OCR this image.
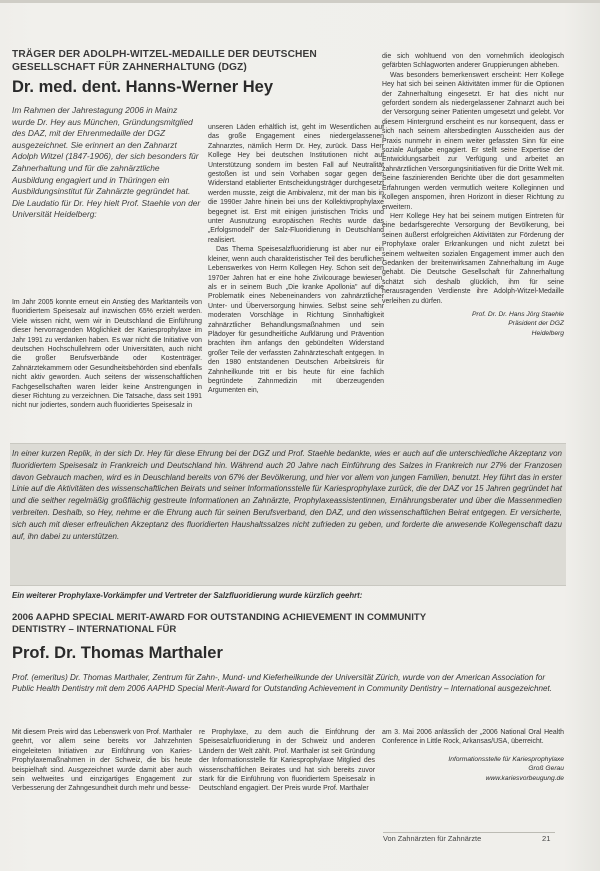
TRÄGER DER ADOLPH-WITZEL-MEDAILLE DER DEUTSCHEN GESELLSCHAFT FÜR ZAHNERHALTUNG (DGZ)
Dr. med. dent. Hanns-Werner Hey
Im Rahmen der Jahrestagung 2006 in Mainz wurde Dr. Hey aus München, Gründungsmitglied des DAZ, mit der Ehrenmedaille der DGZ ausgezeichnet. Sie erinnert an den Zahnarzt Adolph Witzel (1847-1906), der sich besonders für Zahnerhaltung und für die zahnärztliche Ausbildung engagiert und in Thüringen ein Ausbildungsinstitut für Zahnärzte gegründet hat. Die Laudatio für Dr. Hey hielt Prof. Staehle von der Universität Heidelberg:

Im Jahr 2005 konnte erneut ein Anstieg des Marktanteils von fluoridiertem Speisesalz auf inzwischen 65% erzielt werden. Viele wissen nicht, wem wir in Deutschland die Einführung dieser hervorragenden Möglichkeit der Kariesprophylaxe im Jahr 1991 zu verdanken haben. Es war nicht die Initiative von deutschen Hochschullehrern oder Universitäten, auch nicht die großer Berufsverbände oder Kostenträger. Zahnärztekammern oder Gesundheitsbehörden sind ebenfalls nicht aktiv geworden. Auch seitens der wissenschaftlichen Fachgesellschaften waren leider keine Anstrengungen in dieser Richtung zu verzeichnen. Die Tatsache, dass seit 1991 nicht nur jodiertes, sondern auch fluoridiertes Speisesalz in

unseren Läden erhältlich ist, geht im Wesentlichen auf das große Engagement eines niedergelassenen Zahnarztes, nämlich Herrn Dr. Hey, zurück. Dass Herr Kollege Hey bei deutschen Institutionen nicht auf Unterstützung sondern im besten Fall auf Neutralität gestoßen ist und sein Vorhaben sogar gegen den Widerstand etablierter Entscheidungsträger durchgesetzt werden musste, zeigt die Ambivalenz, mit der man bis in die 1990er Jahre hinein bei uns der Kollektivprophylaxe begegnet ist. Erst mit einigen juristischen Tricks und unter Ausnutzung europäischen Rechts wurde das „Erfolgsmodell" der Salz-Fluoridierung in Deutschland realisiert.

Das Thema Speisesalzfluoridierung ist aber nur ein kleiner, wenn auch charakteristischer Teil des beruflichen Lebenswerkes von Herrn Kollegen Hey. Schon seit den 1970er Jahren hat er eine hohe Zivilcourage bewiesen, als er in seinem Buch „Die kranke Apollonia" auf die Problematik eines Nebeneinanders von zahnärztlicher Unter- und Überversorgung hinwies. Selbst seine sehr moderaten Vorschläge in Richtung Sinnhaftigkeit zahnärztlicher Behandlungsmaßnahmen und sein Plädoyer für gesundheitliche Aufklärung und Prävention brachten ihm anfangs den gebündelten Widerstand großer Teile der verfassten Zahnärzteschaft entgegen. In den 1980 entstandenen Deutschen Arbeitskreis für Zahnheilkunde tritt er bis heute für eine fachlich begründete Zahnmedizin mit überzeugenden Argumenten ein,

die sich wohltuend von den vornehmlich ideologisch gefärbten Schlagworten anderer Gruppierungen abheben.

Was besonders bemerkenswert erscheint: Herr Kollege Hey hat sich bei seinen Aktivitäten immer für die Optionen der Zahnerhaltung eingesetzt. Er hat dies nicht nur gefordert sondern als niedergelassener Zahnarzt auch bei der Versorgung seiner Patienten umgesetzt und gelebt. Vor diesem Hintergrund erscheint es nur konsequent, dass er sich nach seinem altersbedingten Ausscheiden aus der Praxis nunmehr in einem weiter gefassten Sinn für eine soziale Aufgabe engagiert. Er stellt seine Expertise der Entwicklungsarbeit zur Verfügung und arbeitet an zahnärztlichen Versorgungsinitiativen für die Dritte Welt mit. Seine faszinierenden Berichte über die dort gesammelten Erfahrungen werden vermutlich weitere Kolleginnen und Kollegen anspornen, ihren Horizont in dieser Richtung zu erweitern.

Herr Kollege Hey hat bei seinem mutigen Eintreten für eine bedarfsgerechte Versorgung der Bevölkerung, bei seinen äußerst erfolgreichen Aktivitäten zur Förderung der Prophylaxe oraler Erkrankungen und nicht zuletzt bei seinem weltweiten sozialen Engagement immer auch den Gedanken der breitenwirksamen Zahnerhaltung im Auge gehabt. Die Deutsche Gesellschaft für Zahnerhaltung schätzt sich deshalb glücklich, ihm für seine herausragenden Verdienste ihre Adolph-Witzel-Medaille verleihen zu dürfen.

Prof. Dr. Dr. Hans Jörg Staehle
Präsident der DGZ
Heidelberg
In einer kurzen Replik, in der sich Dr. Hey für diese Ehrung bei der DGZ und Prof. Staehle bedankte, wies er auch auf die unterschiedliche Akzeptanz von fluoridiertem Speisesalz in Frankreich und Deutschland hin. Während auch 20 Jahre nach Einführung des Salzes in Frankreich nur 27% der Franzosen davon Gebrauch machen, wird es in Deuschland bereits von 67% der Bevölkerung, und hier vor allem von jungen Familien, benutzt. Hey führt das in erster Linie auf die Aktivitäten des wissenschaftlichen Beirats und seiner Informationsstelle für Kariesprophylaxe zurück, die der DAZ vor 15 Jahren gegründet hat und die seither regelmäßig großflächig gestreute Informationen an Zahnärzte, Prophylaxeassistentinnen, Ernährungsberater und über die Massenmedien verbreiten. Deshalb, so Hey, nehme er die Ehrung auch für seinen Berufsverband, den DAZ, und den wissenschaftlichen Beirat entgegen. Er versicherte, sich auch mit dieser erfreulichen Akzeptanz des fluoridierten Haushaltssalzes nicht zufrieden zu geben, und forderte die anwesende Kollegenschaft dazu auf, ihn dabei zu unterstützen.
Ein weiterer Prophylaxe-Vorkämpfer und Vertreter der Salzfluoridierung wurde kürzlich geehrt:
2006 AAPHD SPECIAL MERIT-AWARD FOR OUTSTANDING ACHIEVEMENT IN COMMUNITY DENTISTRY – INTERNATIONAL FÜR
Prof. Dr. Thomas Marthaler
Prof. (emeritus) Dr. Thomas Marthaler, Zentrum für Zahn-, Mund- und Kieferheilkunde der Universität Zürich, wurde von der American Association for Public Health Dentistry mit dem 2006 AAPHD Special Merit-Award for Outstanding Achievement in Community Dentistry – International ausgezeichnet.

Mit diesem Preis wird das Lebenswerk von Prof. Marthaler geehrt, vor allem seine bereits vor Jahrzehnten eingeleiteten Initiativen zur Einführung von Karies-Prophylaxemaßnahmen in der Schweiz, die bis heute beispielhaft sind. Ausgezeichnet wurde damit aber auch sein weltweites und einzigartiges Engagement zur Verbesserung der Zahngesundheit durch mehr und besse-

re Prophylaxe, zu dem auch die Einführung der Speisesalzfluoridierung in der Schweiz und anderen Ländern der Welt zählt. Prof. Marthaler ist seit Gründung der Informationsstelle für Kariesprophylaxe Mitglied des wissenschaftlichen Beirates und hat sich bereits zuvor stark für die Einführung von fluoridiertem Speisesalz in Deutschland engagiert. Der Preis wurde Prof. Marthaler

am 3. Mai 2006 anlässlich der „2006 National Oral Health Conference in Little Rock, Arkansas/USA, überreicht.

Informationsstelle für Kariesprophylaxe
Groß Gerau
www.kariesvorbeugung.de
Von Zahnärzten für Zahnärzte	21
